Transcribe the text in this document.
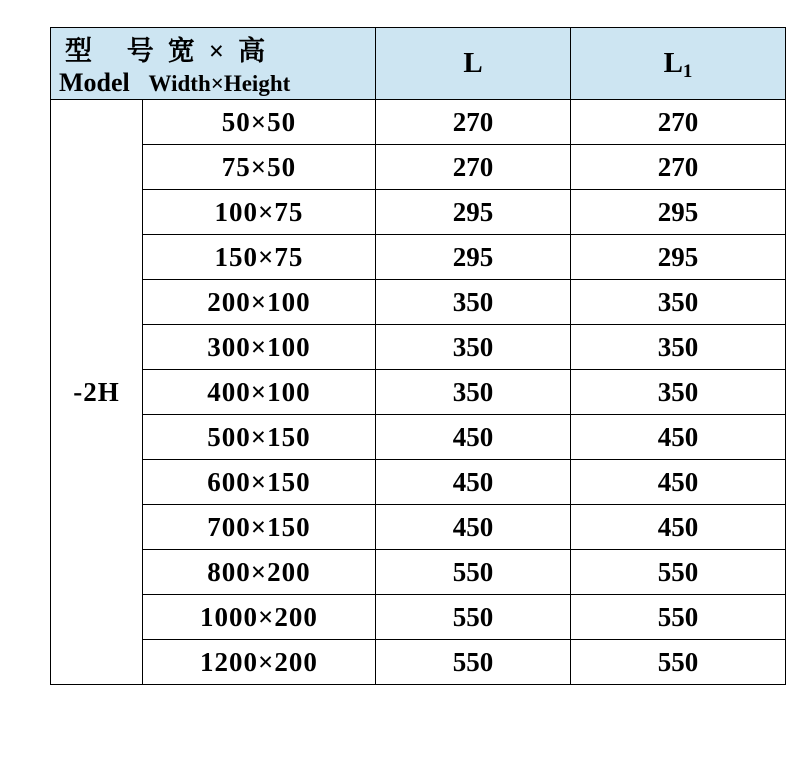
型 号宽×高
Model Width×Height		L	$L_1$
-2H	50×50	270	270
	75×50	270	270
	100×75	295	295
	150×75	295	295
	200×100	350	350
	300×100	350	350
	400×100	350	350
	500×150	450	450
	600×150	450	450
	700×150	450	450
	800×200	550	550
	1000×200	550	550
	1200×200	550	550
